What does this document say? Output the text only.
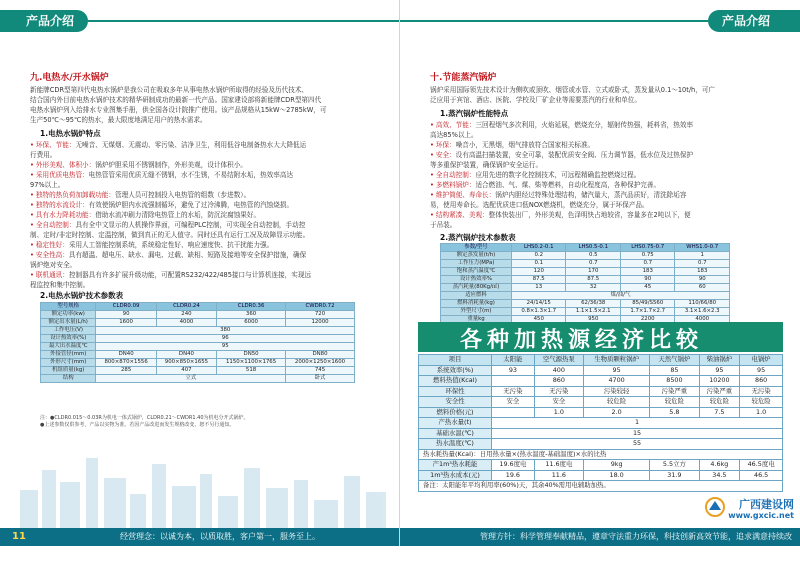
产品介绍
九.电热水/开水锅炉
新能牌CDR型第四代电热水锅炉是我公司在吸取多年从事电热水锅炉所取得的经验及历代技术、
结合国内外目前电热水锅炉技术的精华研制成功的最新一代产品。国家建设部将新能牌CDR型第四代
电热水锅炉列入给排水专业图集手册，供全国各设计院推广使用。该产品规格从15kW～2785kW，可
生产50℃～95℃的热水，最大限度地满足用户的热水需求。
1.电热水锅炉特点
• 环保、节能：无噪音、无煤烟、无震动、零污染、洁净卫生，利用低谷电制备热水大大降低运
行费用。
• 外形美观、体积小：锅炉炉胆采用不锈钢制作，外形美观，设计体积小。
• 采用优质电热管：电热管管采用优质无缝不锈钢，水不生锈，不易结附水垢，热效率高达
97%以上。
• 独特的热负荷加卸载功能：管理人员可控制投入电热管的组数（步进数）。
• 独特的水流设计：有效使锅炉胆内水流强制循环，避免了过冷沸腾，电热管的汽蚀烧损。
• 具有水力降耗功能：借助水流冲刷力清除电热管上的水垢，防沉淀腐蚀果好。
• 全自动控制：具有全中文显示的人机操作界面，可编程PLC控制，可实现全自动控制，手动控
制、定时/非定时控制、定温控制，做到真正的无人值守。同时还具有运行工况及故障显示功能。
• 稳定性好：采用人工智能控制系统，系统稳定性好、响应速度快、抗干扰能力强。
• 安全性高：具有超温、超电压、缺水、漏电、过载、缺相、短路及接地等安全保护措施，确保
锅炉绝对安全。
• 联机通讯：控制器具有许多扩展升级功能，可配置RS232/422/485接口与计算机连接，实现远
程监控和集中控制。
2.电热水锅炉技术参数表
型号规格	CLDR0.09	CLDR0.24	CLDR0.36	CWDR0.72
额定功率(kw)	90	240	360	720
额定出水量(L/h)	1600	4000	6000	12000
工作电压(V)	380			
设计热效率(%)	96			
最大出水温度℃	95			
外接管径(mm)	DN40	DN40	DN50	DN80
外形尺寸(mm)	800×870×1556	900×850×1655	1150×1100×1765	2000×1250×1600
机组质量(kg)	285	407	518	745
结构	立式			卧式
注：●CLDR0.015～0.03R为机电一体式锅炉，CLDR0.21～CWDR1.40为机电分开式锅炉。
●上述参数仅供参考，产品以实物为准。若因产品改进而发生规格改变，恕不另行通知。
11	经营理念：以诚为本，以质取胜，客户第一，服务至上。
产品介绍
十.节能蒸汽锅炉
锅炉采用国际领先技术设计为侧吹或顶吹、烟管或水管、立式或卧式，蒸发量从0.1～10t/h，可广
泛应用于宾馆、酒店、医院、学校及厂矿企业等需要蒸汽的行业和单位。
1.蒸汽锅炉性能特点
• 高效、节能：三回程烟气多次利用，火焰延展，燃烧充分，辐射传热强，耗料省，热效率
高达85%以上。
• 环保：噪音小，无黑烟，烟气排放符合国家相关标准。
• 安全：设有高温扫描装置，安全可靠，装配优质安全阀、压力调节器，低水位及过热保护
等多重保护装置，确保锅炉安全运行。
• 全自动控制：应用先进的数字化控制技术，可远程精确监控燃烧过程。
• 多燃料锅炉：适合燃油、气、煤、柴等燃料，自动化程度高，各种保护完善。
• 维护简便、寿命长：锅炉内胆经过特殊处理结构，储汽量大，蒸汽品质好，清洗除垢容
易，使用寿命长。选配优质进口低NOX燃烧机，燃烧充分，属于环保产品。
• 结构紧凑、美观：整体快装出厂，外形美观，色泽明快占地较省，容量多在2吨以下，便
于吊装。
2.蒸汽锅炉技术参数表
参数/型号	LHS0.2-0.1	LHS0.5-0.1	LHS0.75-0.7	WHS1.0-0.7
额定蒸发量(t/h)	0.2	0.5	0.75	1
工作压力(MPa)	0.1	0.7	0.7	0.7
饱和蒸汽温度℃	120	170	183	183
设计热效率%	87.5	87.5	90	90
蒸汽耗量(80Kg/㎡)	13	32	45	60
适应燃料	煤/油/气			
燃料消耗量(kg)	24/14/15	62/36/38	85/49/S560	110/66/80
外型尺寸(m)	0.8×1.3×1.7	1.1×1.5×2.1	1.7×1.7×2.7	3.1×1.6×2.3
重量kg	450	950	2200	4000
各种加热源经济比较
项目	太阳能	空气源热泵	生物质颗粒锅炉	天然气锅炉	柴油锅炉	电锅炉
系统效率(%)	93	400	95	85	95	95
燃料热值(Kcal)		860	4700	8500	10200	860
环保性	无污染	无污染	污染较轻	污染严重	污染严重	无污染
安全性	安全	安全	较危险	较危险	较危险	较危险
燃料价格(元)		1.0	2.0	5.8	7.5	1.0
产热水量(t)	1					
基础水温(℃)	15					
热水温度(℃)	55					
热水耗热量(Kcal)：日用热水量×(热水温度-基础温度)×水的比热						
产1m³热水耗能	19.6度电	11.6度电	9kg	5.5立方	4.6kg	46.5度电
1m³热水成本(元)	19.6	11.6	18.0	31.9	34.5	46.5
备注：太阳能年平均利用率(60%)天，其余40%需用电辅助加热。						
广西建设网
www.gxcic.net
管理方针：科学管理奉献精品，遵章守法重力环保，科技创新高效节能，追求满意持续改进。
